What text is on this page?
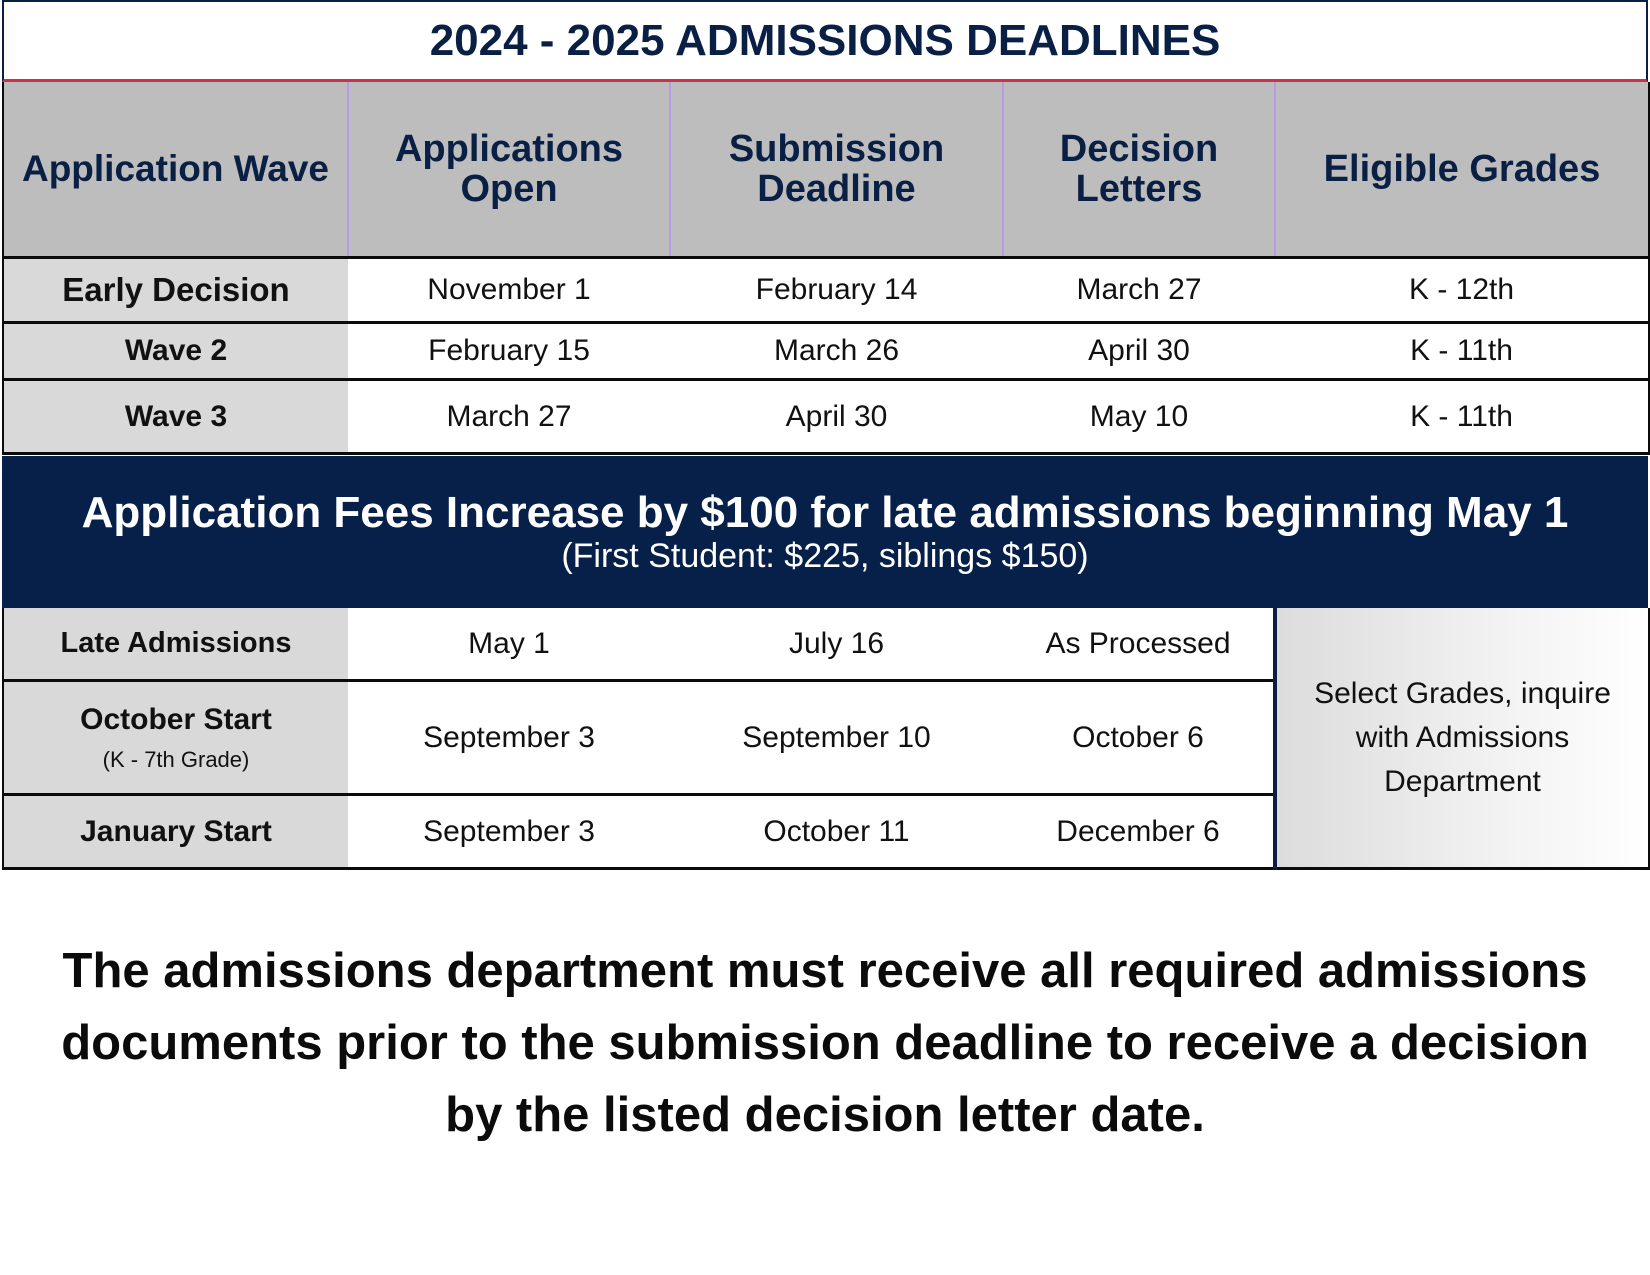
2024 - 2025 ADMISSIONS DEADLINES
Application Wave	Applications Open	Submission Deadline	Decision Letters	Eligible Grades
Early Decision	November 1	February 14	March 27	K - 12th
Wave 2	February 15	March 26	April 30	K - 11th
Wave 3	March 27	April 30	May 10	K - 11th
Application Fees Increase by $100 for late admissions beginning May 1
(First Student: $225, siblings $150)
Late Admissions	May 1	July 16	As Processed	Select Grades, inquire with Admissions Department

October Start
(K - 7th Grade)	September 3	September 10	October 6	

January Start	September 3	October 11	December 6	
The admissions department must receive all required admissions documents prior to the submission deadline to receive a decision by the listed decision letter date.
